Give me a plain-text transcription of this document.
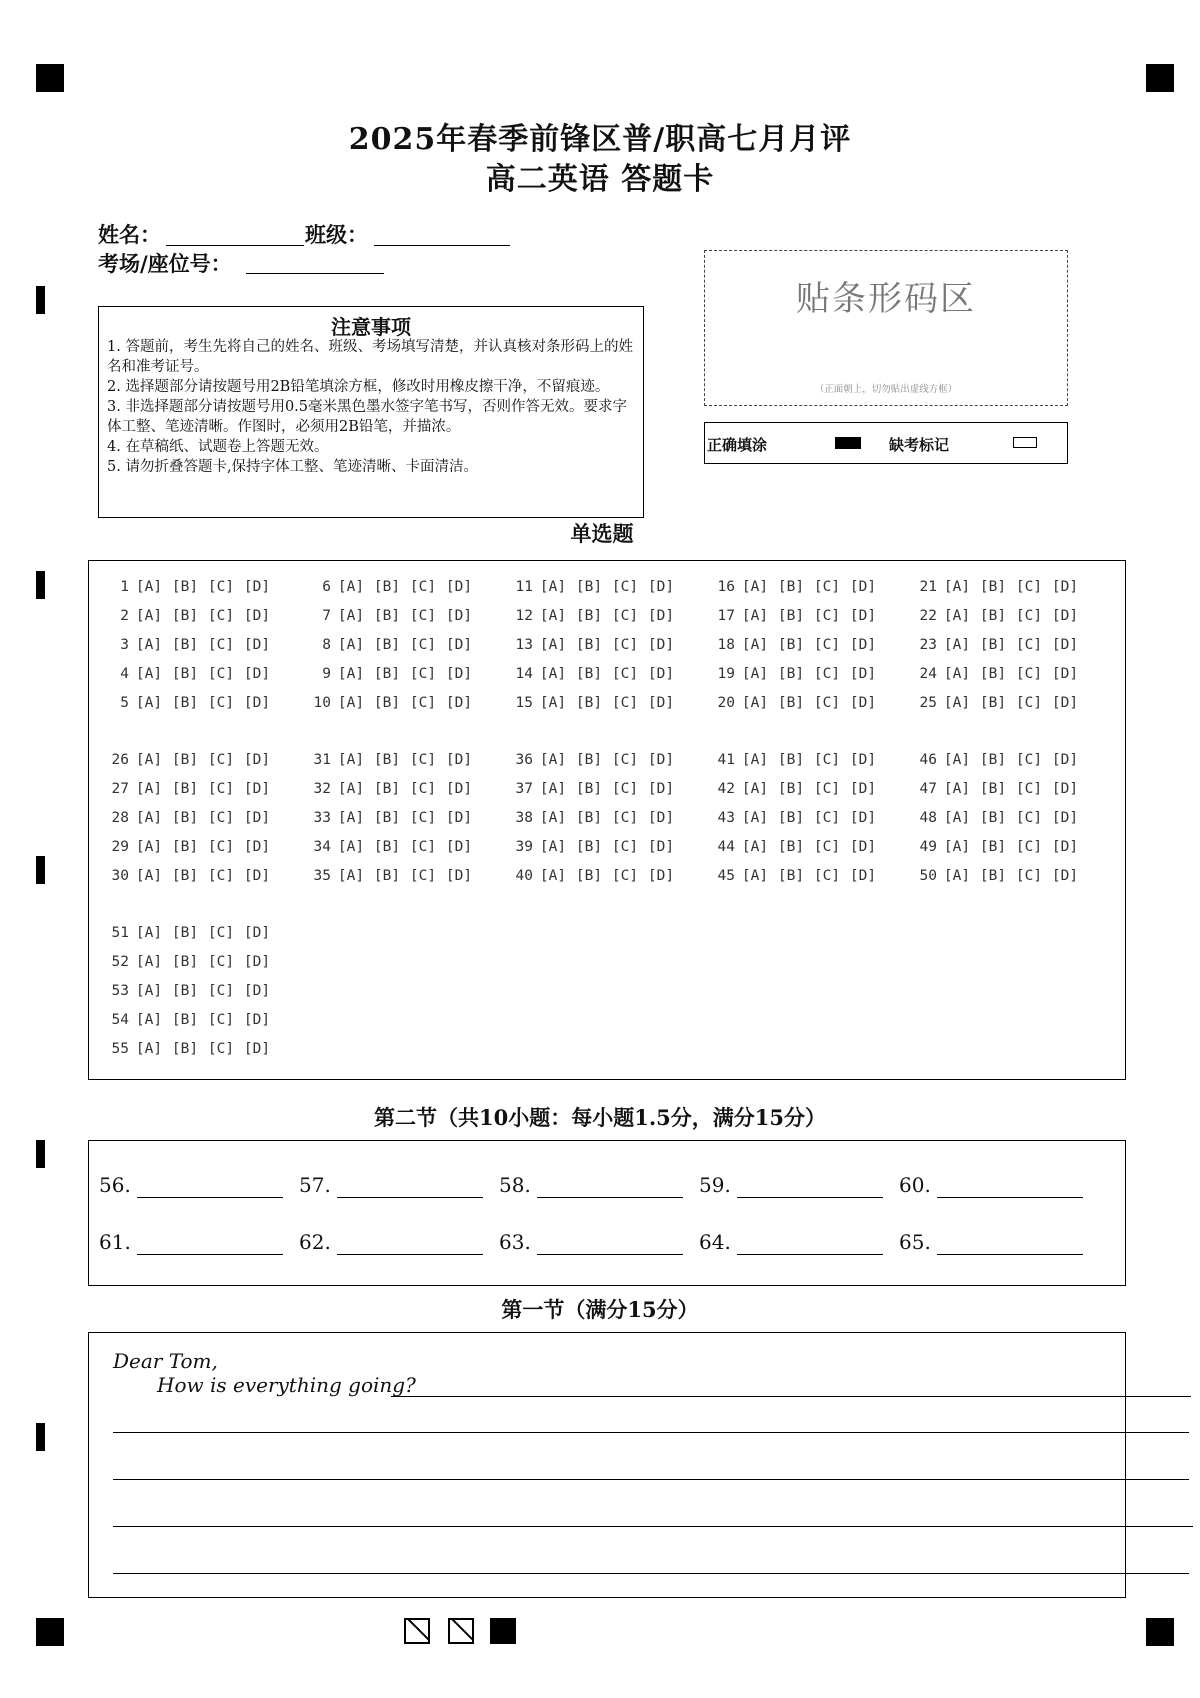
2025年春季前锋区普/职高七月月评
高二英语 答题卡
姓名：	班级：
考场/座位号：
注意事项
1. 答题前，考生先将自己的姓名、班级、考场填写清楚，并认真核对条形码上的姓名和准考证号。
2. 选择题部分请按题号用2B铅笔填涂方框，修改时用橡皮擦干净，不留痕迹。
3. 非选择题部分请按题号用0.5毫米黑色墨水签字笔书写，否则作答无效。要求字体工整、笔迹清晰。作图时，必须用2B铅笔，并描浓。
4. 在草稿纸、试题卷上答题无效。
5. 请勿折叠答题卡,保持字体工整、笔迹清晰、卡面清洁。
贴条形码区
（正面朝上，切勿贴出虚线方框）
正确填涂	缺考标记
单选题
1 [A] [B] [C] [D]
2 [A] [B] [C] [D]
3 [A] [B] [C] [D]
4 [A] [B] [C] [D]
5 [A] [B] [C] [D]
6 [A] [B] [C] [D]
7 [A] [B] [C] [D]
8 [A] [B] [C] [D]
9 [A] [B] [C] [D]
10 [A] [B] [C] [D]
11 [A] [B] [C] [D]
12 [A] [B] [C] [D]
13 [A] [B] [C] [D]
14 [A] [B] [C] [D]
15 [A] [B] [C] [D]
16 [A] [B] [C] [D]
17 [A] [B] [C] [D]
18 [A] [B] [C] [D]
19 [A] [B] [C] [D]
20 [A] [B] [C] [D]
21 [A] [B] [C] [D]
22 [A] [B] [C] [D]
23 [A] [B] [C] [D]
24 [A] [B] [C] [D]
25 [A] [B] [C] [D]
26 [A] [B] [C] [D]
27 [A] [B] [C] [D]
28 [A] [B] [C] [D]
29 [A] [B] [C] [D]
30 [A] [B] [C] [D]
31 [A] [B] [C] [D]
32 [A] [B] [C] [D]
33 [A] [B] [C] [D]
34 [A] [B] [C] [D]
35 [A] [B] [C] [D]
36 [A] [B] [C] [D]
37 [A] [B] [C] [D]
38 [A] [B] [C] [D]
39 [A] [B] [C] [D]
40 [A] [B] [C] [D]
41 [A] [B] [C] [D]
42 [A] [B] [C] [D]
43 [A] [B] [C] [D]
44 [A] [B] [C] [D]
45 [A] [B] [C] [D]
46 [A] [B] [C] [D]
47 [A] [B] [C] [D]
48 [A] [B] [C] [D]
49 [A] [B] [C] [D]
50 [A] [B] [C] [D]
51 [A] [B] [C] [D]
52 [A] [B] [C] [D]
53 [A] [B] [C] [D]
54 [A] [B] [C] [D]
55 [A] [B] [C] [D]
第二节（共10小题：每小题1.5分，满分15分）
56.	57.	58.	59.	60.
61.	62.	63.	64.	65.
第一节（满分15分）
Dear Tom,
How is everything going?
